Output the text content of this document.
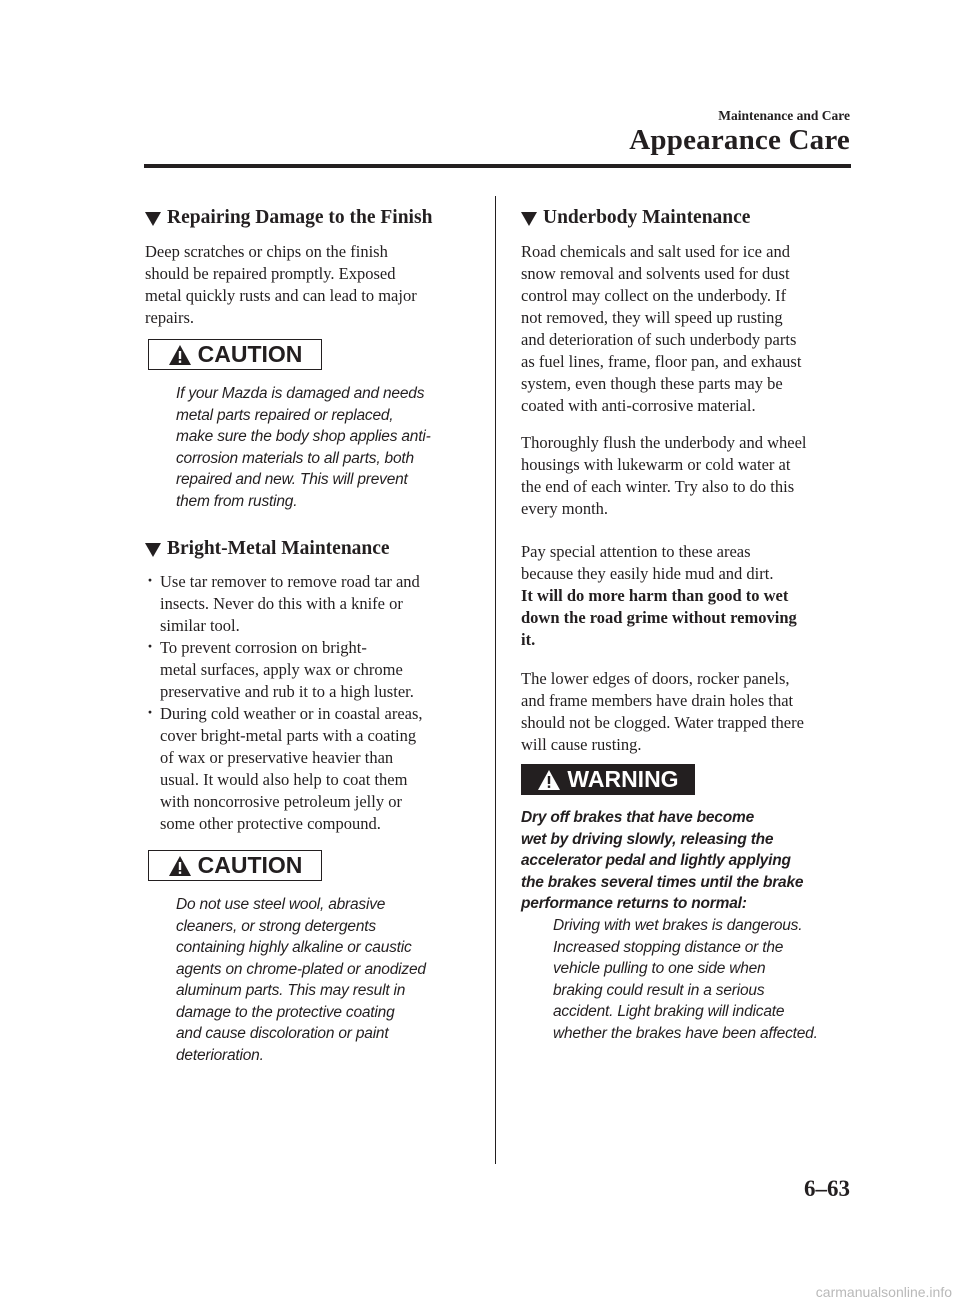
Maintenance and Care
Appearance Care
Repairing Damage to the Finish

Deep scratches or chips on the finish

should be repaired promptly. Exposed

metal quickly rusts and can lead to major

repairs.

CAUTION

If your Mazda is damaged and needs

metal parts repaired or replaced,

make sure the body shop applies anti-

corrosion materials to all parts, both

repaired and new. This will prevent

them from rusting.

Bright-Metal Maintenance
· Use tar remover to remove road tar and
insects. Never do this with a knife or
similar tool.
· To prevent corrosion on bright-
metal surfaces, apply wax or chrome
preservative and rub it to a high luster.
· During cold weather or in coastal areas,
cover bright-metal parts with a coating
of wax or preservative heavier than
usual. It would also help to coat them
with noncorrosive petroleum jelly or
some other protective compound.
CAUTION

Do not use steel wool, abrasive

cleaners, or strong detergents

containing highly alkaline or caustic

agents on chrome-plated or anodized

aluminum parts. This may result in

damage to the protective coating

and cause discoloration or paint

deterioration.

Underbody Maintenance

Road chemicals and salt used for ice and

snow removal and solvents used for dust

control may collect on the underbody. If

not removed, they will speed up rusting

and deterioration of such underbody parts

as fuel lines, frame, floor pan, and exhaust

system, even though these parts may be

coated with anti-corrosive material.

Thoroughly flush the underbody and wheel

housings with lukewarm or cold water at

the end of each winter. Try also to do this

every month.

Pay special attention to these areas

because they easily hide mud and dirt.

It will do more harm than good to wet

down the road grime without removing

it.

The lower edges of doors, rocker panels,

and frame members have drain holes that

should not be clogged. Water trapped there

will cause rusting.

WARNING

Dry off brakes that have become

wet by driving slowly, releasing the

accelerator pedal and lightly applying

the brakes several times until the brake

performance returns to normal:

Driving with wet brakes is dangerous.

Increased stopping distance or the

vehicle pulling to one side when

braking could result in a serious

accident. Light braking will indicate

whether the brakes have been affected.

6–63
carmanualsonline.info
